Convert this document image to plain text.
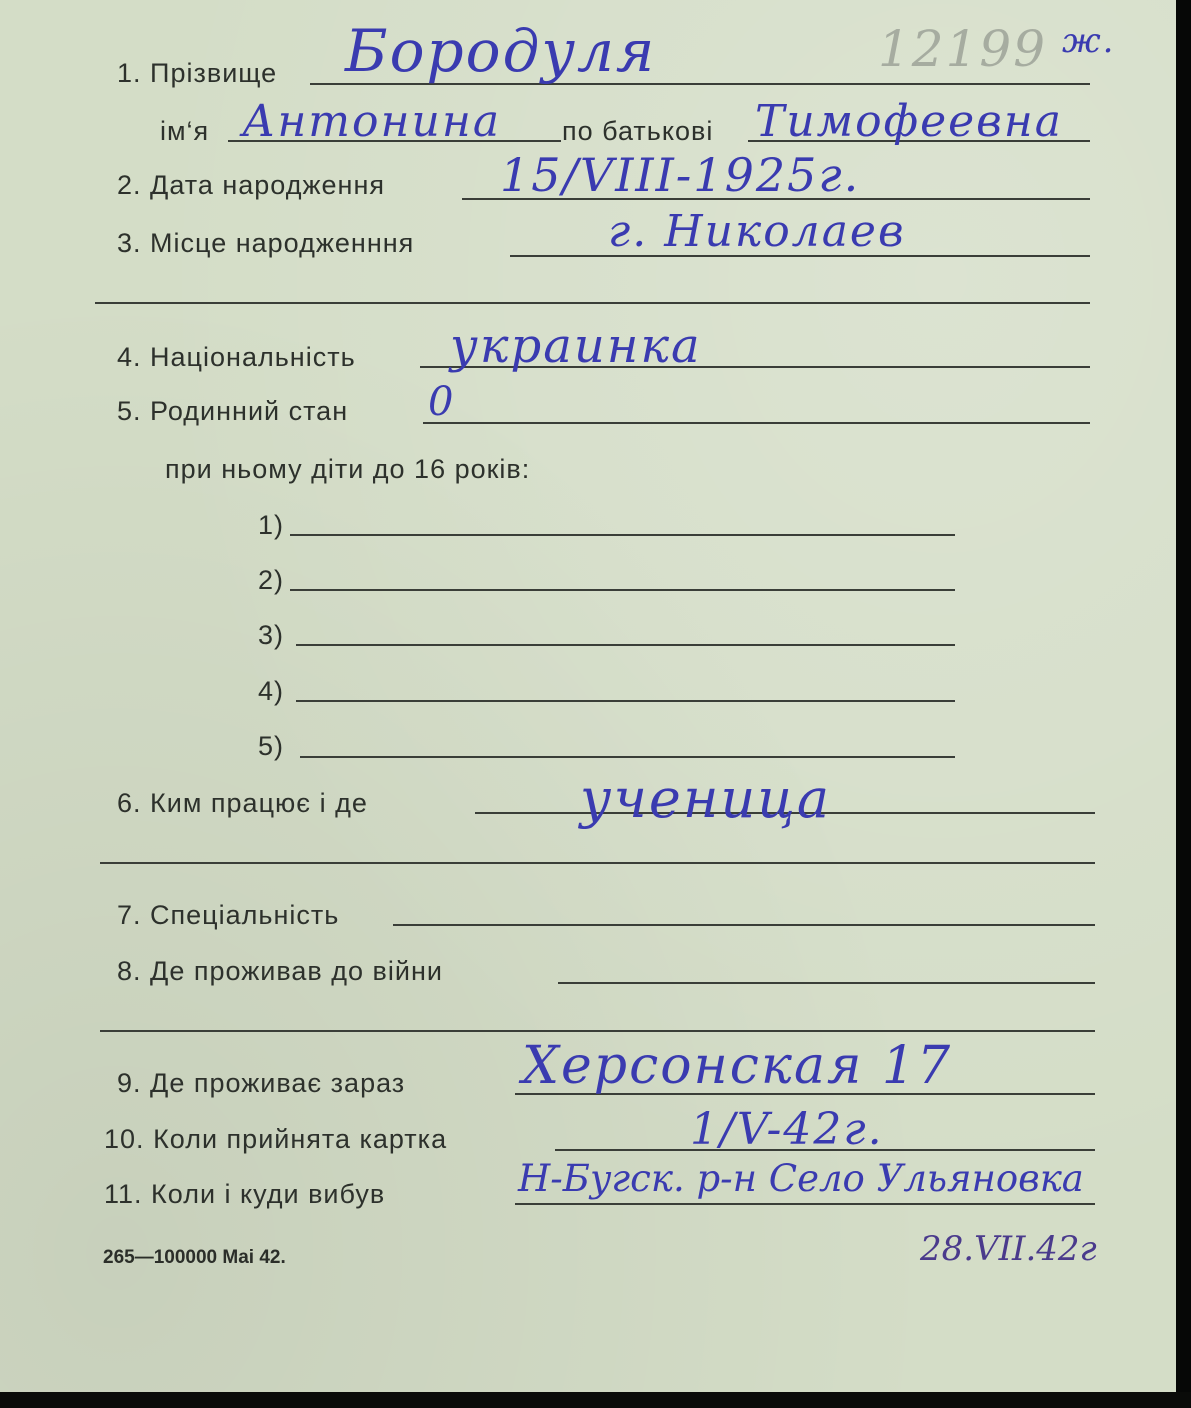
1. Прізвище Бородуля	12199 ж.
ім‘я Антонина по батькові Тимофеевна
2. Дата народження	15/VIII-1925г.
3. Місце народженння	г. Николаев
4. Національність украинка
5. Родинний стан 0
при ньому діти до 16 років:
1)
2)
3)
4)
5)
6. Ким працює і де	ученица
7. Спеціальність
8. Де проживав до війни
9. Де проживає зараз Херсонская 17
10. Коли прийнята картка	1/V-42г.
11. Коли і куди вибув	Н-Бугск. р-н Село Ульяновка
28.VII.42г
265—100000 Mai 42.
